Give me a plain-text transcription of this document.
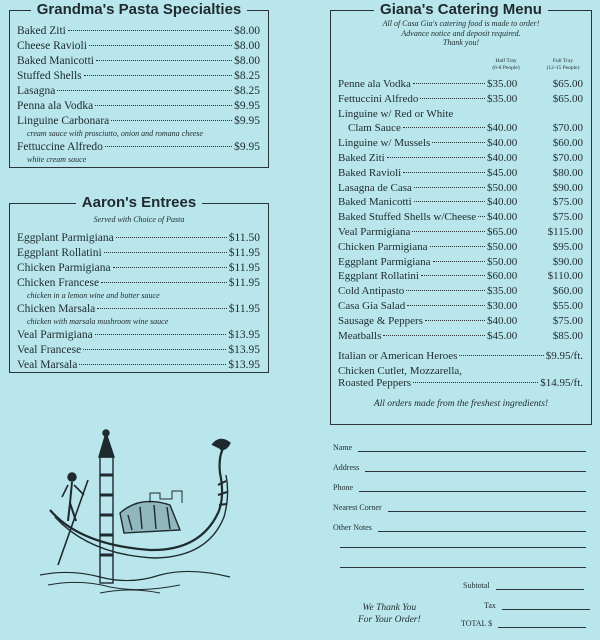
Grandma's Pasta Specialties
Baked Ziti	$8.00
Cheese Ravioli	$8.00
Baked Manicotti	$8.00
Stuffed Shells	$8.25
Lasagna	$8.25
Penna ala Vodka	$9.95
Linguine Carbonara	$9.95
cream sauce with prosciutto, onion and romana cheese
Fettuccine Alfredo	$9.95
white cream sauce
Aaron's Entrees
Served with Choice of Pasta
Eggplant Parmigiana	$11.50
Eggplant Rollatini	$11.95
Chicken Parmigiana	$11.95
Chicken Francese	$11.95
chicken in a lemon wine and butter sauce
Chicken Marsala	$11.95
chicken with marsala mushroom wine sauce
Veal Parmigiana	$13.95
Veal Francese	$13.95
Veal Marsala	$13.95
Giana's Catering Menu
All of Casa Gia's catering food is made to order!
Advance notice and deposit required.
Thank you!
Half Tray
(6-8 People)
Full Tray
(12-15 People)
Penne ala Vodka	$35.00	$65.00
Fettuccini Alfredo	$35.00	$65.00
Linguine w/ Red or White
Clam Sauce	$40.00	$70.00
Linguine w/ Mussels	$40.00	$60.00
Baked Ziti	$40.00	$70.00
Baked Ravioli	$45.00	$80.00
Lasagna de Casa	$50.00	$90.00
Baked Manicotti	$40.00	$75.00
Baked Stuffed Shells w/Cheese $40.00	$75.00
Veal Parmigiana	$65.00	$115.00
Chicken Parmigiana	$50.00	$95.00
Eggplant Parmigiana	$50.00	$90.00
Eggplant Rollatini	$60.00	$110.00
Cold Antipasto	$35.00	$60.00
Casa Gia Salad	$30.00	$55.00
Sausage & Peppers	$40.00	$75.00
Meatballs	$45.00	$85.00
Italian or American Heroes	$9.95/ft.
Chicken Cutlet, Mozzarella,
Roasted Peppers	$14.95/ft.
All orders made from the freshest ingredients!
Name
Address
Phone
Nearest Corner
Other Notes
Subtotal
Tax
TOTAL $
We Thank You
For Your Order!
